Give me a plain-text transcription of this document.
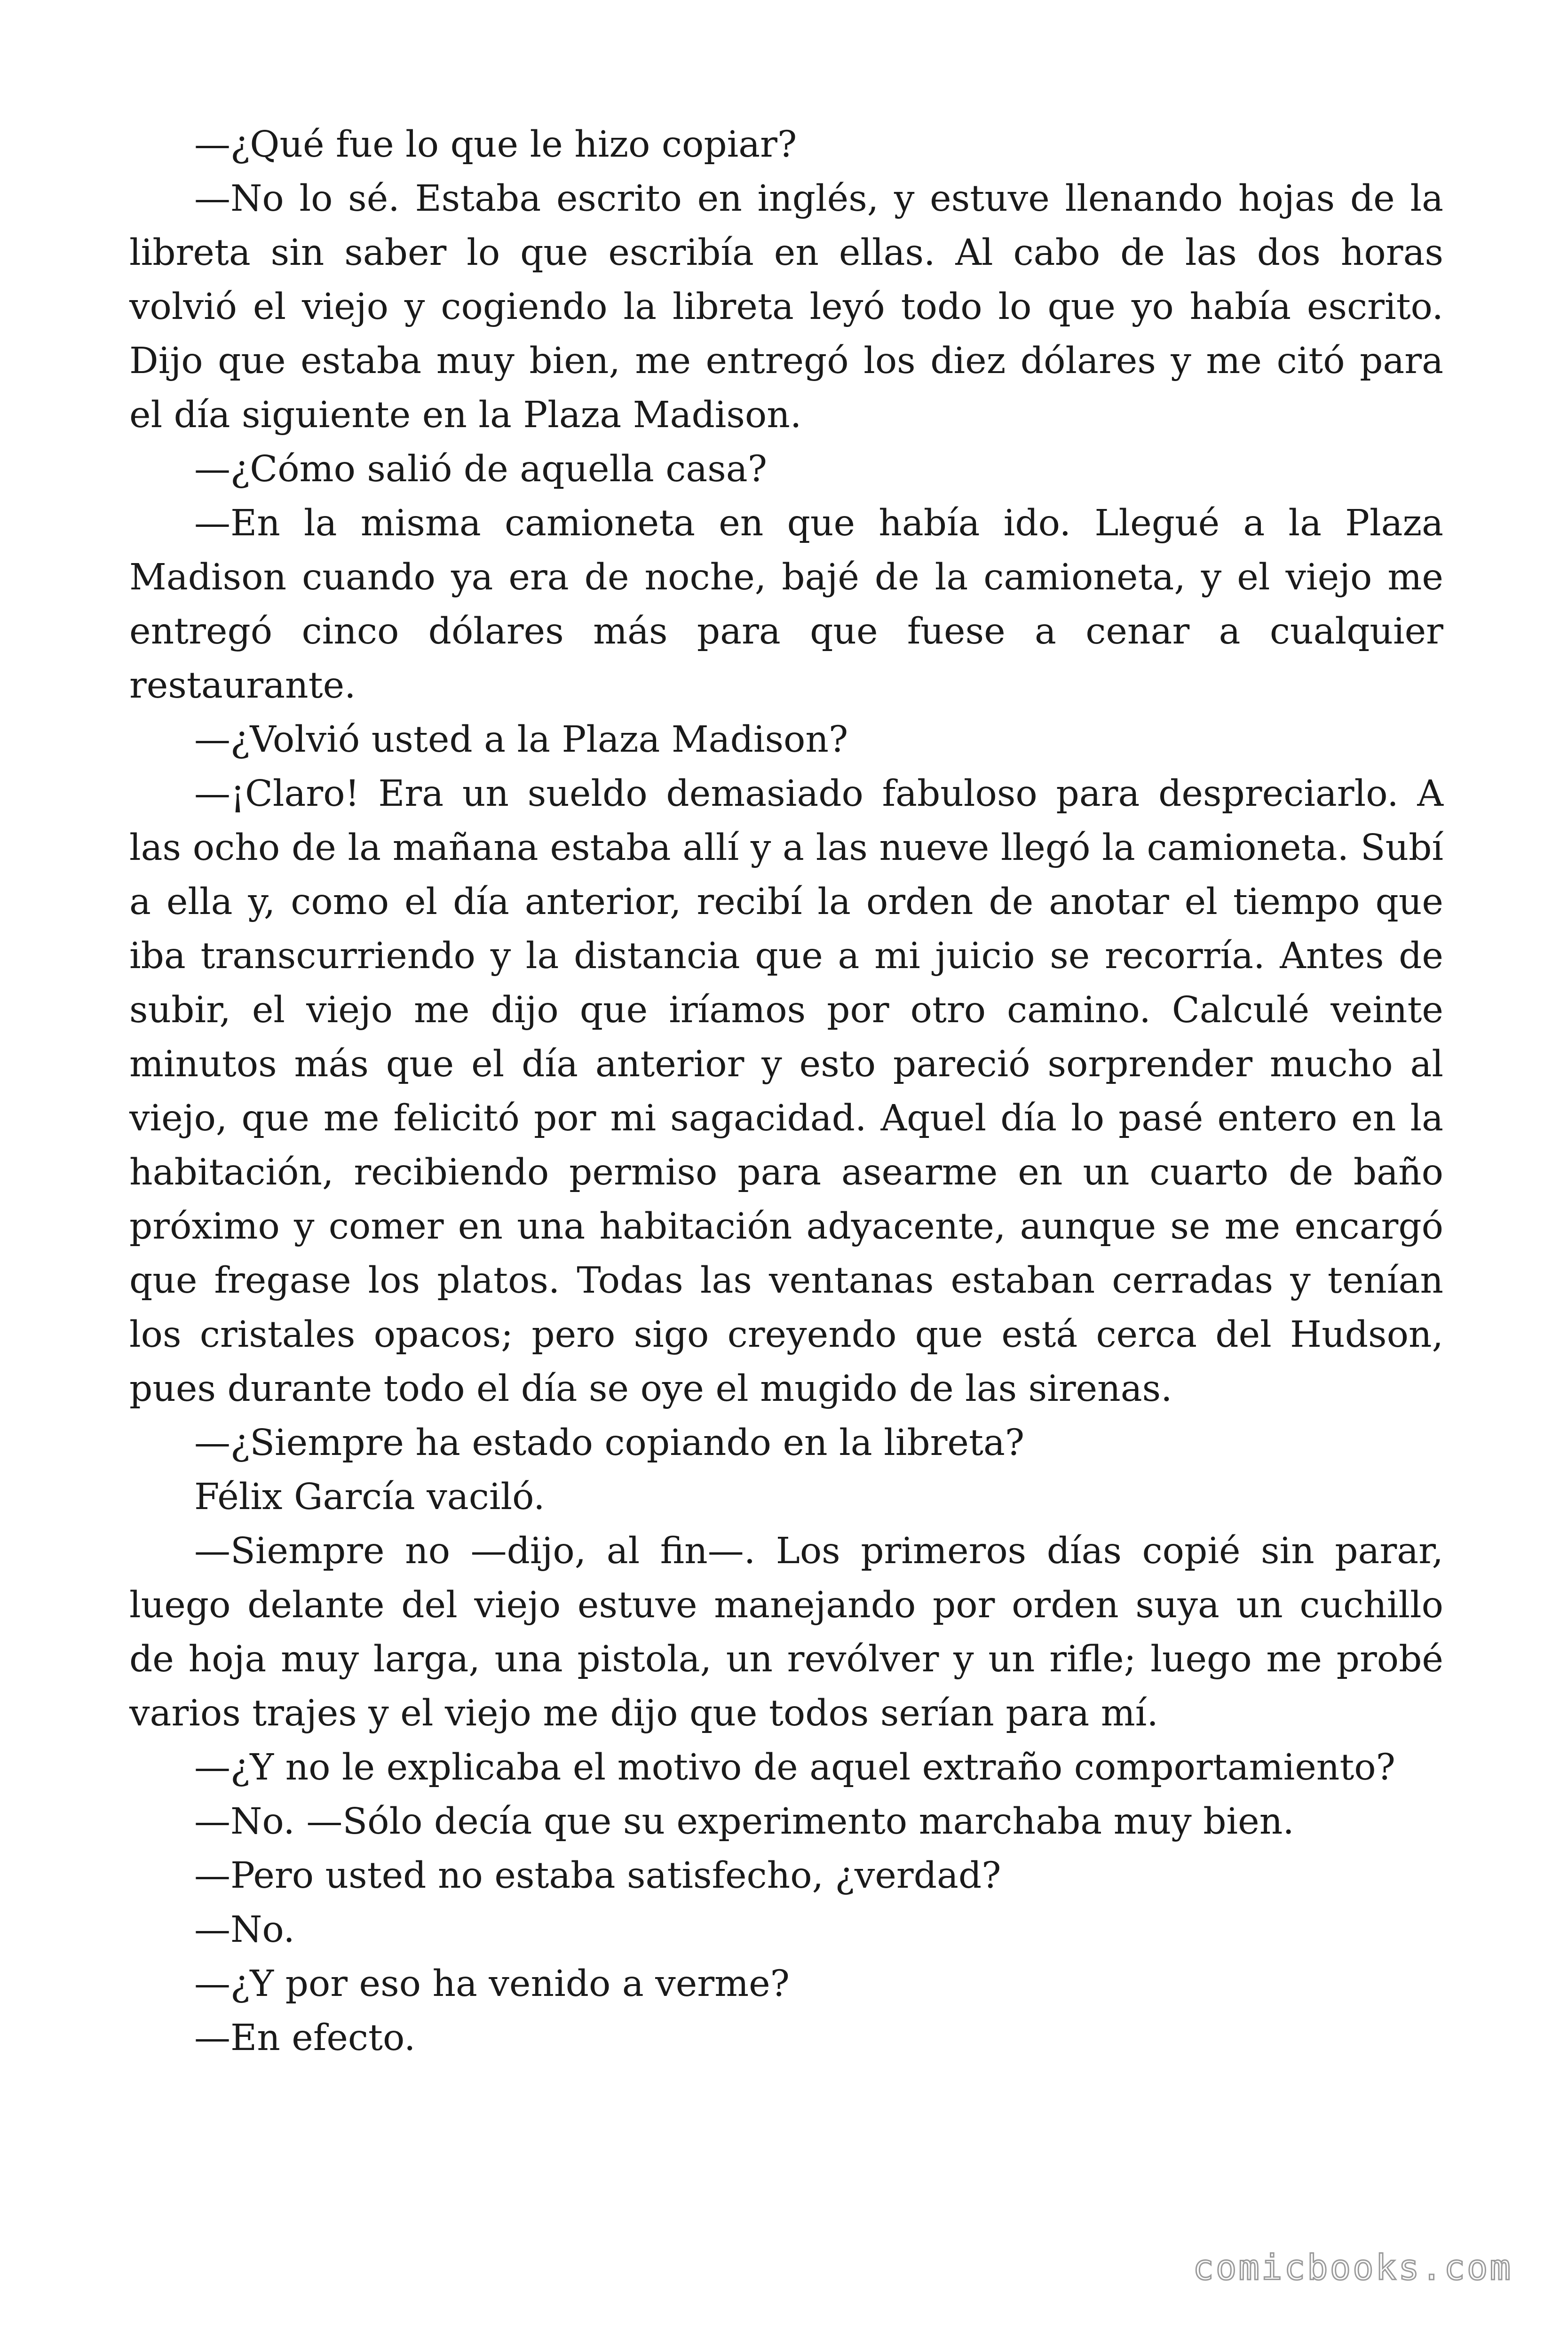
—¿Qué fue lo que le hizo copiar?

—No lo sé. Estaba escrito en inglés, y estuve llenando hojas de la libreta sin saber lo que escribía en ellas. Al cabo de las dos horas volvió el viejo y cogiendo la libreta leyó todo lo que yo había escrito. Dijo que estaba muy bien, me entregó los diez dólares y me citó para el día siguiente en la Plaza Madison.

—¿Cómo salió de aquella casa?

—En la misma camioneta en que había ido. Llegué a la Plaza Madison cuando ya era de noche, bajé de la camioneta, y el viejo me entregó cinco dólares más para que fuese a cenar a cualquier restaurante.

—¿Volvió usted a la Plaza Madison?

—¡Claro! Era un sueldo demasiado fabuloso para despreciarlo. A las ocho de la mañana estaba allí y a las nueve llegó la camioneta. Subí a ella y, como el día anterior, recibí la orden de anotar el tiempo que iba transcurriendo y la distancia que a mi juicio se recorría. Antes de subir, el viejo me dijo que iríamos por otro camino. Calculé veinte minutos más que el día anterior y esto pareció sorprender mucho al viejo, que me felicitó por mi sagacidad. Aquel día lo pasé entero en la habitación, recibiendo permiso para asearme en un cuarto de baño próximo y comer en una habitación adyacente, aunque se me encargó que fregase los platos. Todas las ventanas estaban cerradas y tenían los cristales opacos; pero sigo creyendo que está cerca del Hudson, pues durante todo el día se oye el mugido de las sirenas.

—¿Siempre ha estado copiando en la libreta?

Félix García vaciló.

—Siempre no —dijo, al fin—. Los primeros días copié sin parar, luego delante del viejo estuve manejando por orden suya un cuchillo de hoja muy larga, una pistola, un revólver y un rifle; luego me probé varios trajes y el viejo me dijo que todos serían para mí.

—¿Y no le explicaba el motivo de aquel extraño comportamiento?

—No. —Sólo decía que su experimento marchaba muy bien.

—Pero usted no estaba satisfecho, ¿verdad?

—No.

—¿Y por eso ha venido a verme?

—En efecto.

comicbooks.com
